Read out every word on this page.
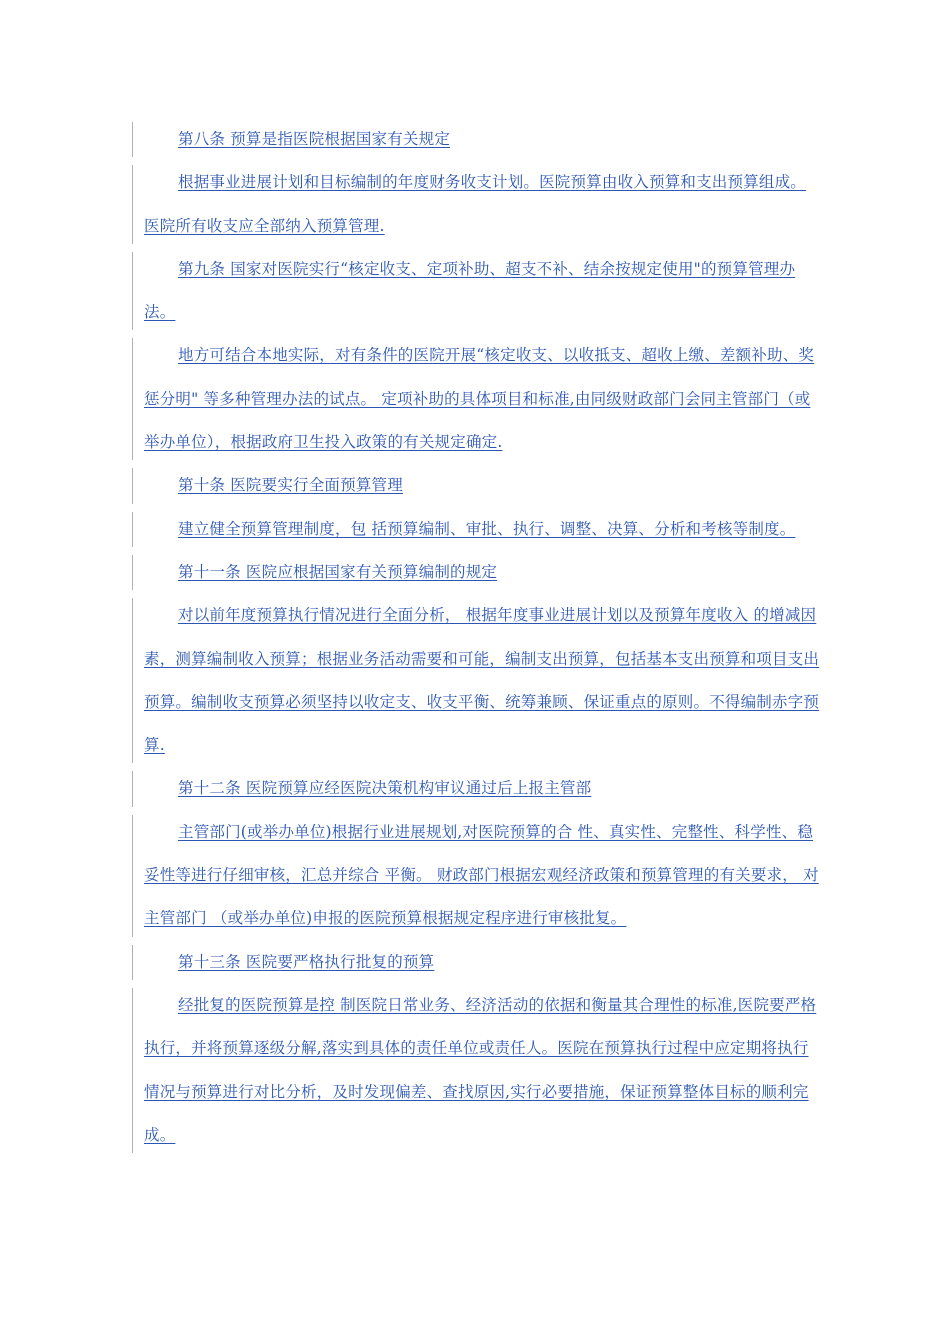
第八条 预算是指医院根据国家有关规定

根据事业进展计划和目标编制的年度财务收支计划。医院预算由收入预算和支出预算组成。医院所有收支应全部纳入预算管理.

第九条 国家对医院实行“核定收支、定项补助、超支不补、结余按规定使用"的预算管理办法。

地方可结合本地实际，对有条件的医院开展“核定收支、以收抵支、超收上缴、差额补助、奖惩分明" 等多种管理办法的试点。 定项补助的具体项目和标准,由同级财政部门会同主管部门（或 举办单位），根据政府卫生投入政策的有关规定确定.

第十条 医院要实行全面预算管理

建立健全预算管理制度，包 括预算编制、审批、执行、调整、决算、分析和考核等制度。

第十一条 医院应根据国家有关预算编制的规定

对以前年度预算执行情况进行全面分析， 根据年度事业进展计划以及预算年度收入 的增减因素，测算编制收入预算；根据业务活动需要和可能，编制支出预算，包括基本支出预算和项目支出预算。编制收支预算必须坚持以收定支、收支平衡、统筹兼顾、保证重点的原则。不得编制赤字预 算.

第十二条 医院预算应经医院决策机构审议通过后上报主管部

主管部门(或举办单位)根据行业进展规划,对医院预算的合 性、真实性、完整性、科学性、稳妥性等进行仔细审核，汇总并综合 平衡。 财政部门根据宏观经济政策和预算管理的有关要求， 对主管部门 （或举办单位)申报的医院预算根据规定程序进行审核批复。

第十三条 医院要严格执行批复的预算

经批复的医院预算是控 制医院日常业务、经济活动的依据和衡量其合理性的标准,医院要严格执行，并将预算逐级分解,落实到具体的责任单位或责任人。医院在预算执行过程中应定期将执行情况与预算进行对比分析，及时发现偏差、查找原因,实行必要措施，保证预算整体目标的顺利完成。
